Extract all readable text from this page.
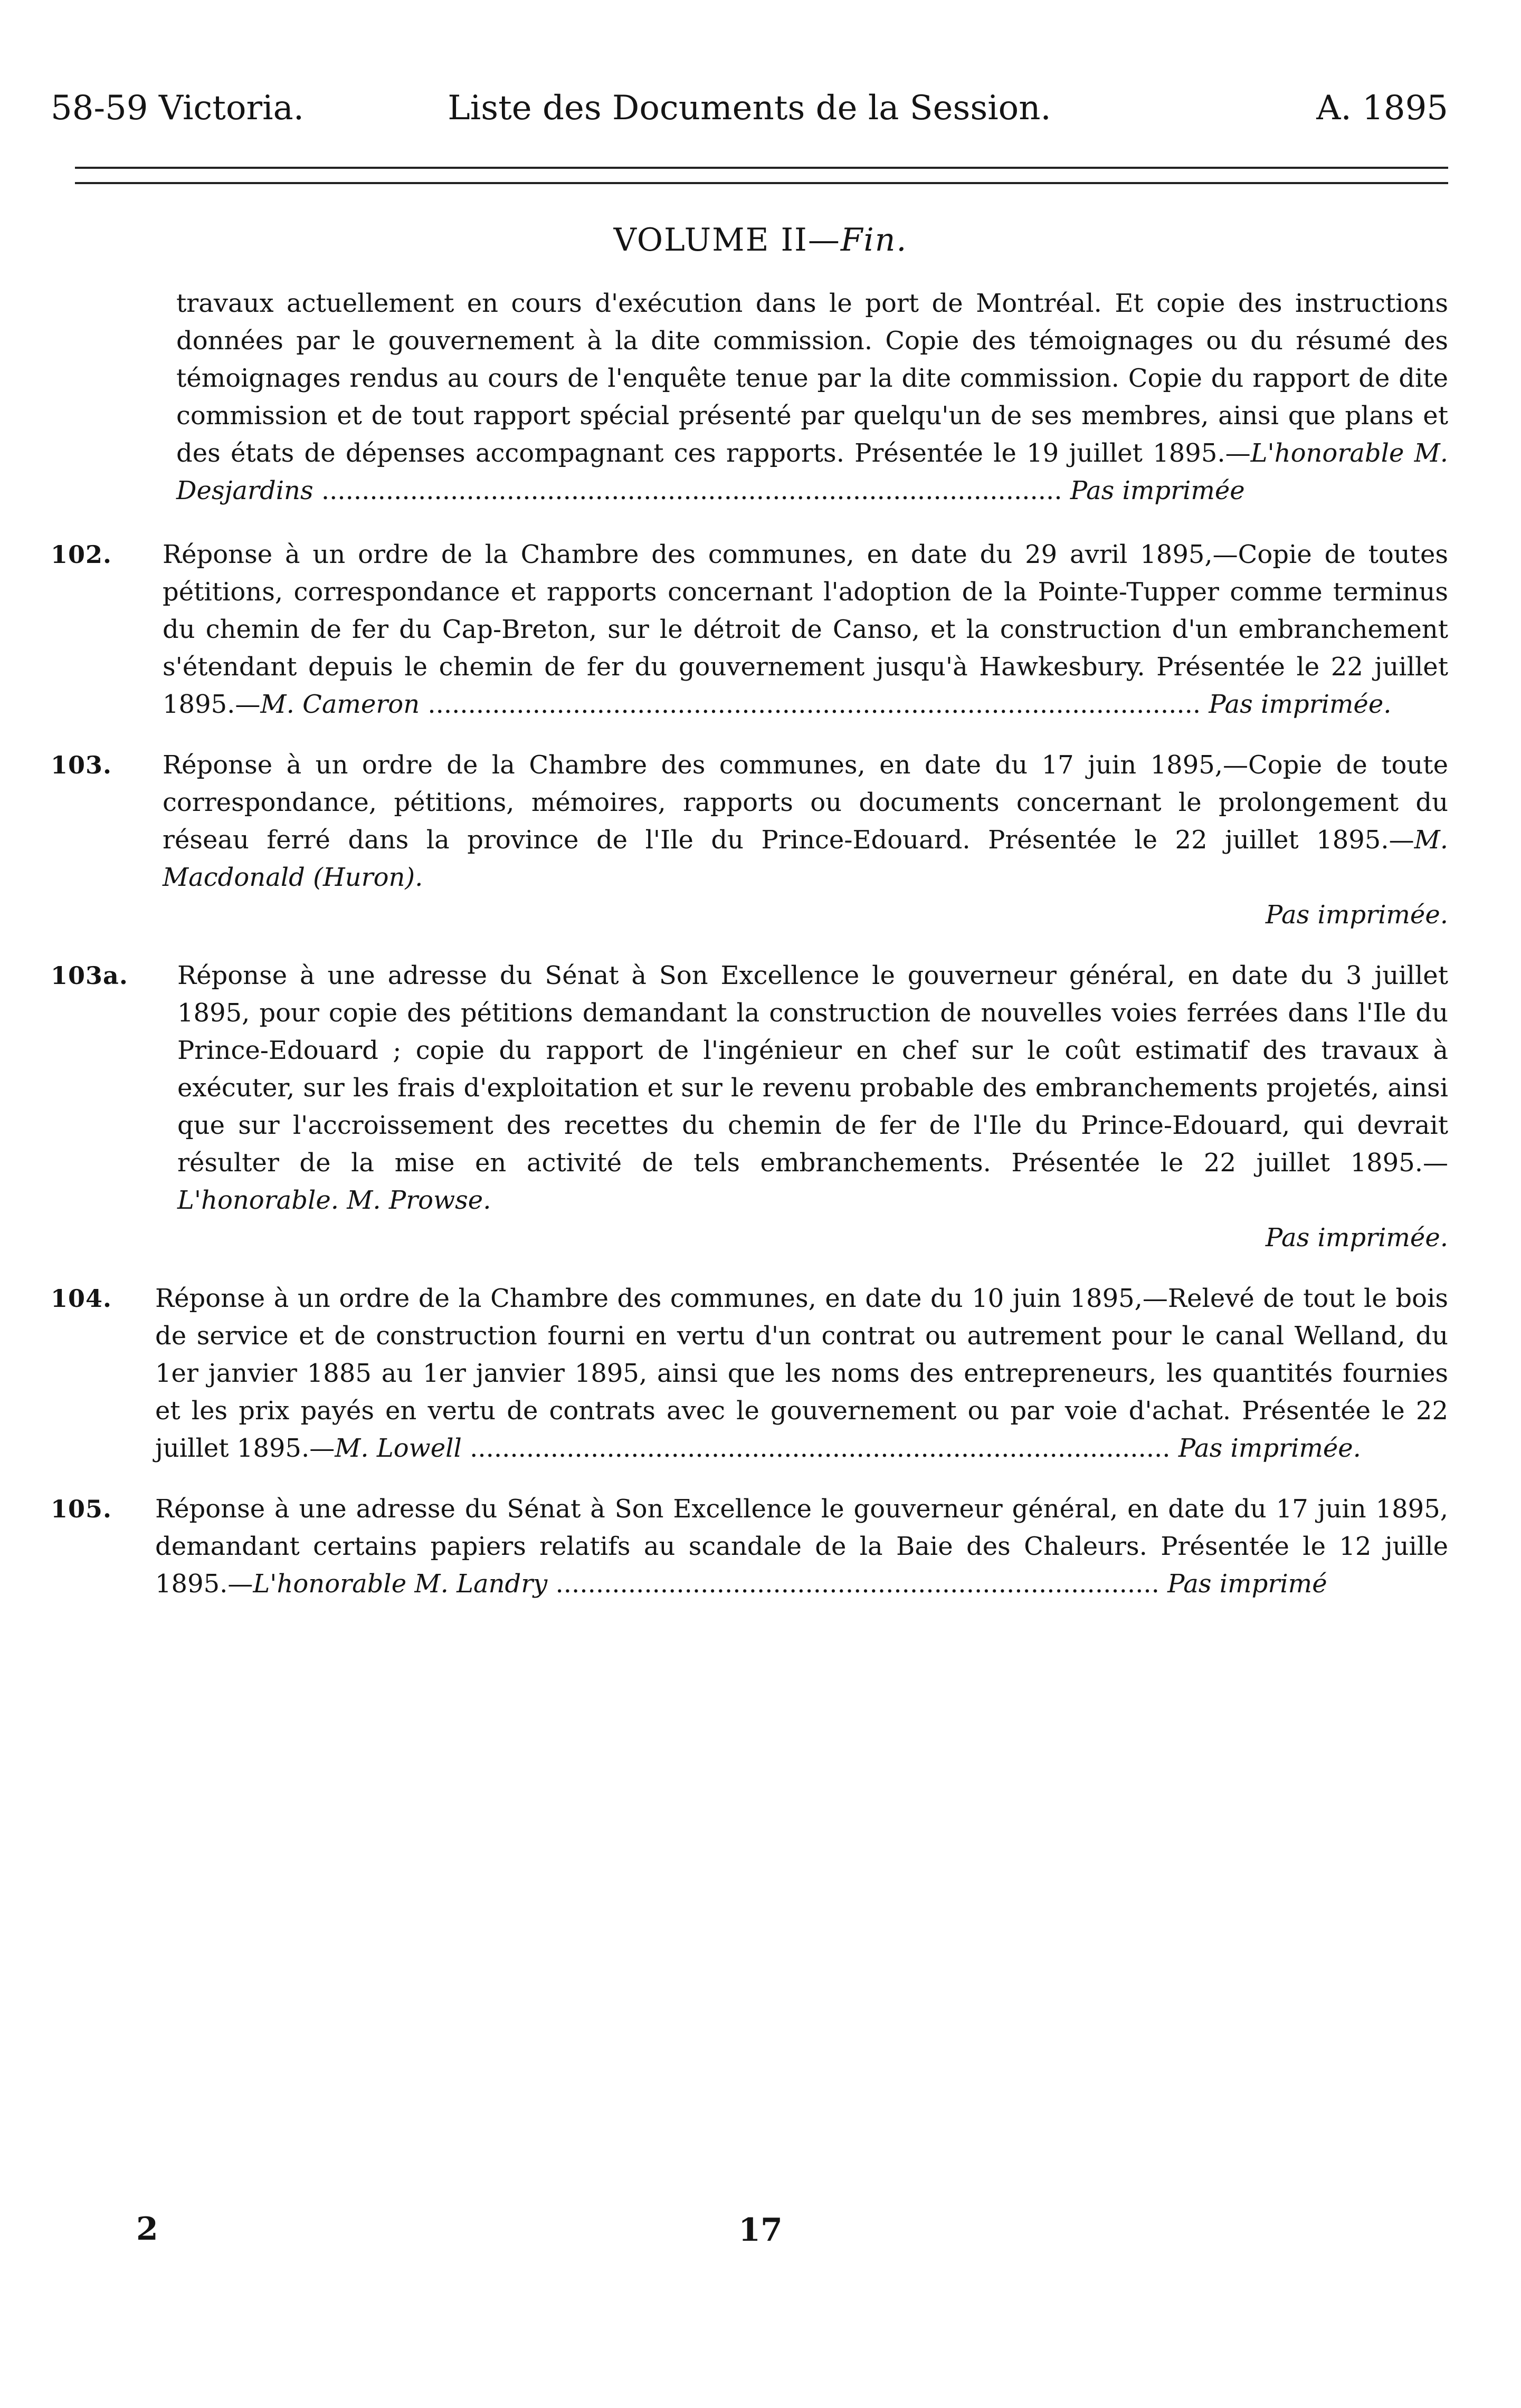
58-59 Victoria.	Liste des Documents de la Session.	A. 1895
VOLUME II—Fin.
travaux actuellement en cours d'exécution dans le port de Montréal. Et copie des instructions données par le gouvernement à la dite commission. Copie des témoignages ou du résumé des témoignages rendus au cours de l'enquête tenue par la dite commission. Copie du rapport de dite commission et de tout rapport spécial présenté par quelqu'un de ses membres, ainsi que plans et des états de dépenses accompagnant ces rapports. Présentée le 19 juillet 1895.—L'honorable M. Desjardins ............................................................................................ Pas imprimée
102.	Réponse à un ordre de la Chambre des communes, en date du 29 avril 1895,—Copie de toutes pétitions, correspondance et rapports concernant l'adoption de la Pointe-Tupper comme terminus du chemin de fer du Cap-Breton, sur le détroit de Canso, et la construction d'un embranchement s'étendant depuis le chemin de fer du gouvernement jusqu'à Hawkesbury. Présentée le 22 juillet 1895.—M. Cameron ................................................................................................ Pas imprimée.
103.	Réponse à un ordre de la Chambre des communes, en date du 17 juin 1895,—Copie de toute correspondance, pétitions, mémoires, rapports ou documents concernant le prolongement du réseau ferré dans la province de l'Ile du Prince-Edouard. Présentée le 22 juillet 1895.—M. Macdonald (Huron).
Pas imprimée.
103a.	Réponse à une adresse du Sénat à Son Excellence le gouverneur général, en date du 3 juillet 1895, pour copie des pétitions demandant la construction de nouvelles voies ferrées dans l'Ile du Prince-Edouard ; copie du rapport de l'ingénieur en chef sur le coût estimatif des travaux à exécuter, sur les frais d'exploitation et sur le revenu probable des embranchements projetés, ainsi que sur l'accroissement des recettes du chemin de fer de l'Ile du Prince-Edouard, qui devrait résulter de la mise en activité de tels embranchements. Présentée le 22 juillet 1895.—L'honorable. M. Prowse.
Pas imprimée.
104.	Réponse à un ordre de la Chambre des communes, en date du 10 juin 1895,—Relevé de tout le bois de service et de construction fourni en vertu d'un contrat ou autrement pour le canal Welland, du 1er janvier 1885 au 1er janvier 1895, ainsi que les noms des entrepreneurs, les quantités fournies et les prix payés en vertu de contrats avec le gouvernement ou par voie d'achat. Présentée le 22 juillet 1895.—M. Lowell ....................................................................................... Pas imprimée.
105.	Réponse à une adresse du Sénat à Son Excellence le gouverneur général, en date du 17 juin 1895, demandant certains papiers relatifs au scandale de la Baie des Chaleurs. Présentée le 12 juille 1895.—L'honorable M. Landry ........................................................................... Pas imprimé
2	17
